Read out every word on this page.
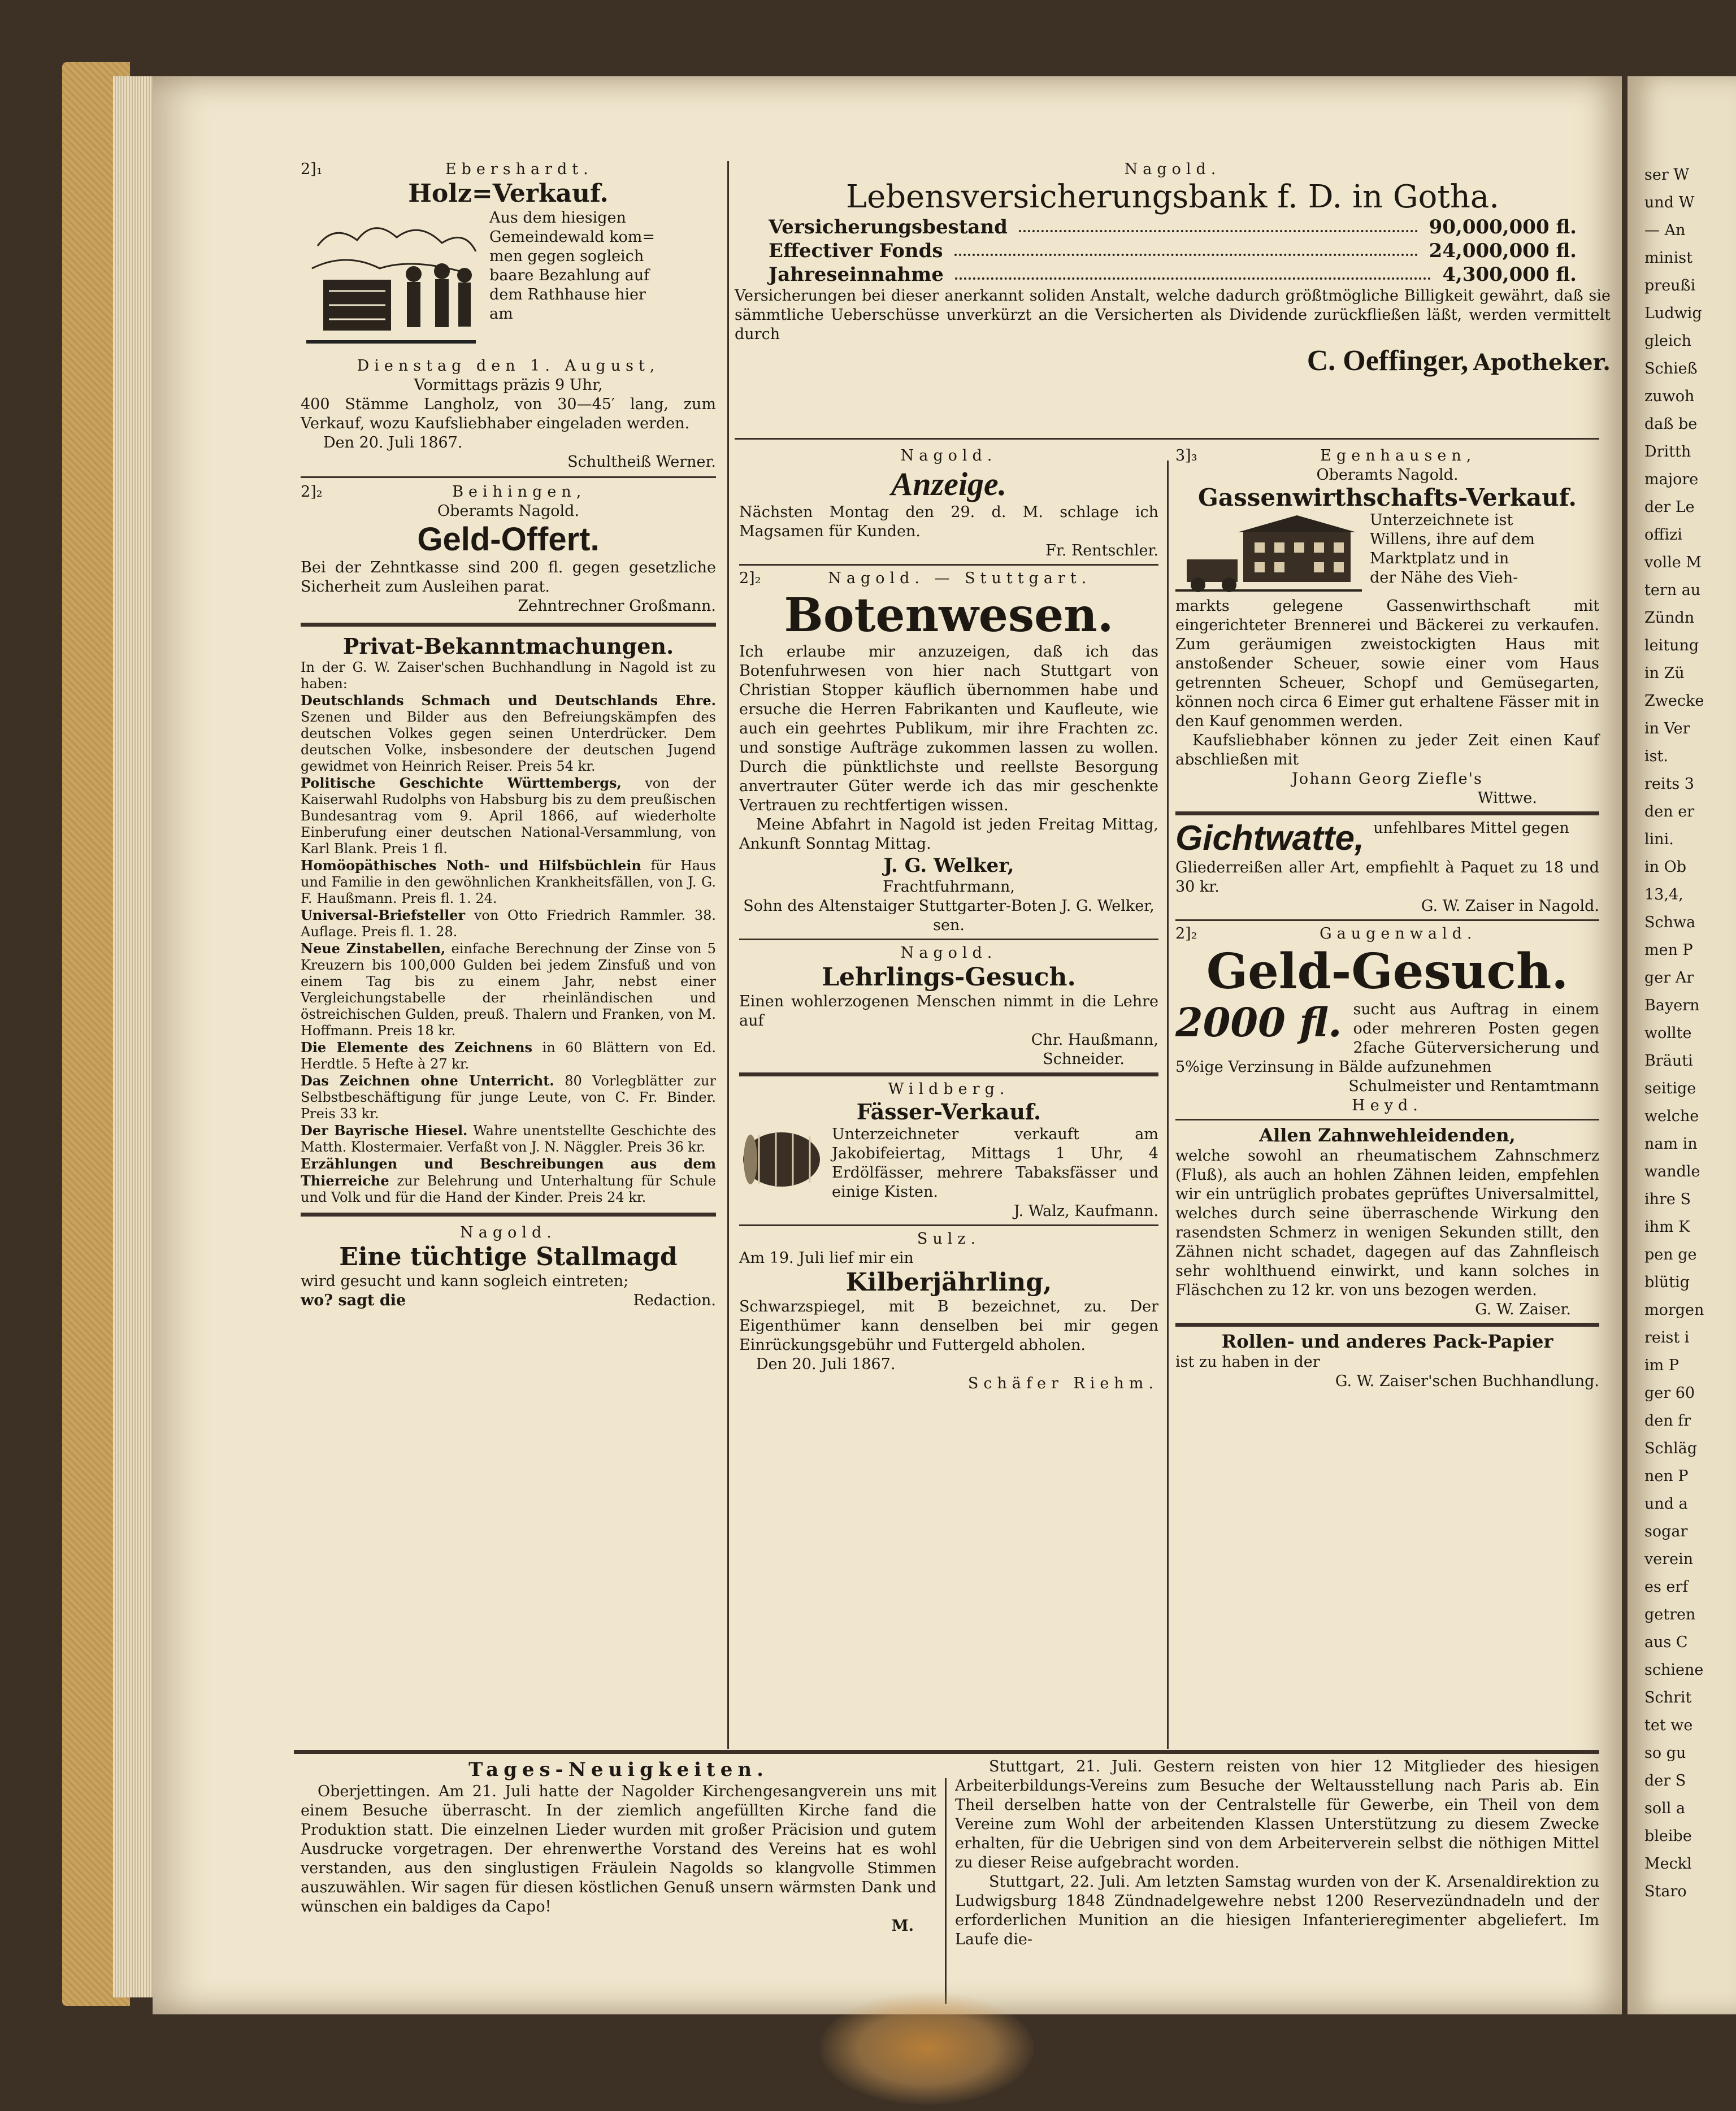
2]₁	Ebershardt.
Holz=Verkauf.

Aus dem hiesigen

Gemeindewald kom=

men gegen sogleich

baare Bezahlung auf

dem Rathhause hier

am

Dienstag den 1. August,

Vormittags präzis 9 Uhr,

400 Stämme Langholz, von 30—45′ lang, zum Verkauf, wozu Kaufsliebhaber eingeladen werden.

Den 20. Juli 1867.

Schultheiß Werner.

2]₂	Beihingen,

Oberamts Nagold.

Geld-Offert.

Bei der Zehntkasse sind 200 fl. gegen gesetzliche Sicherheit zum Ausleihen parat.

Zehntrechner Großmann.

Privat-Bekanntmachungen.

In der G. W. Zaiser'schen Buchhandlung in Nagold ist zu haben:

Deutschlands Schmach und Deutschlands Ehre. Szenen und Bilder aus den Befreiungskämpfen des deutschen Volkes gegen seinen Unterdrücker. Dem deutschen Volke, insbesondere der deutschen Jugend gewidmet von Heinrich Reiser. Preis 54 kr.

Politische Geschichte Württembergs, von der Kaiserwahl Rudolphs von Habsburg bis zu dem preußischen Bundesantrag vom 9. April 1866, auf wiederholte Einberufung einer deutschen National-Versammlung, von Karl Blank. Preis 1 fl.

Homöopäthisches Noth- und Hilfsbüchlein für Haus und Familie in den gewöhnlichen Krankheitsfällen, von J. G. F. Haußmann. Preis fl. 1. 24.

Universal-Briefsteller von Otto Friedrich Rammler. 38. Auflage. Preis fl. 1. 28.

Neue Zinstabellen, einfache Berechnung der Zinse von 5 Kreuzern bis 100,000 Gulden bei jedem Zinsfuß und von einem Tag bis zu einem Jahr, nebst einer Vergleichungstabelle der rheinländischen und östreichischen Gulden, preuß. Thalern und Franken, von M. Hoffmann. Preis 18 kr.

Die Elemente des Zeichnens in 60 Blättern von Ed. Herdtle. 5 Hefte à 27 kr.

Das Zeichnen ohne Unterricht. 80 Vorlegblätter zur Selbstbeschäftigung für junge Leute, von C. Fr. Binder. Preis 33 kr.

Der Bayrische Hiesel. Wahre unentstellte Geschichte des Matth. Klostermaier. Verfaßt von J. N. Näggler. Preis 36 kr.

Erzählungen und Beschreibungen aus dem Thierreiche zur Belehrung und Unterhaltung für Schule und Volk und für die Hand der Kinder. Preis 24 kr.

Nagold.

Eine tüchtige Stallmagd

wird gesucht und kann sogleich eintreten;

wo? sagt die	Redaction.

Nagold.

Lebensversicherungsbank f. D. in Gotha.
Versicherungsbestand	90,000,000 fl.
Effectiver Fonds	24,000,000 fl.
Jahreseinnahme	4,300,000 fl.

Versicherungen bei dieser anerkannt soliden Anstalt, welche dadurch größtmögliche Billigkeit gewährt, daß sie sämmtliche Ueberschüsse unverkürzt an die Versicherten als Dividende zurückfließen läßt, werden vermittelt durch

C. Oeffinger, Apotheker.

Nagold.

Anzeige.

Nächsten Montag den 29. d. M. schlage ich Magsamen für Kunden.

Fr. Rentschler.

2]₂	Nagold. — Stuttgart.
Botenwesen.

Ich erlaube mir anzuzeigen, daß ich das Botenfuhrwesen von hier nach Stuttgart von Christian Stopper käuflich übernommen habe und ersuche die Herren Fabrikanten und Kaufleute, wie auch ein geehrtes Publikum, mir ihre Frachten zc. und sonstige Aufträge zukommen lassen zu wollen. Durch die pünktlichste und reellste Besorgung anvertrauter Güter werde ich das mir geschenkte Vertrauen zu rechtfertigen wissen.

Meine Abfahrt in Nagold ist jeden Freitag Mittag, Ankunft Sonntag Mittag.

J. G. Welker,

Frachtfuhrmann,

Sohn des Altenstaiger Stuttgarter-Boten J. G. Welker, sen.

Nagold.

Lehrlings-Gesuch.

Einen wohlerzogenen Menschen nimmt in die Lehre auf

Chr. Haußmann,

Schneider.

Wildberg.

Fässer-Verkauf.

Unterzeichneter verkauft am Jakobifeiertag, Mittags 1 Uhr, 4 Erdölfässer, mehrere Tabaksfässer und einige Kisten.

J. Walz, Kaufmann.

Sulz.

Am 19. Juli lief mir ein

Kilberjährling,

Schwarzspiegel, mit B bezeichnet, zu. Der Eigenthümer kann denselben bei mir gegen Einrückungsgebühr und Futtergeld abholen.

Den 20. Juli 1867.

Schäfer Riehm.

3]₃	Egenhausen,

Oberamts Nagold.

Gassenwirthschafts-Verkauf.

Unterzeichnete ist

Willens, ihre auf dem

Marktplatz und in

der Nähe des Vieh-

markts gelegene Gassenwirthschaft mit eingerichteter Brennerei und Bäckerei zu verkaufen. Zum geräumigen zweistockigten Haus mit anstoßender Scheuer, sowie einer vom Haus getrennten Scheuer, Schopf und Gemüsegarten, können noch circa 6 Eimer gut erhaltene Fässer mit in den Kauf genommen werden.

Kaufsliebhaber können zu jeder Zeit einen Kauf abschließen mit

Johann Georg Ziefle's

Wittwe.

Gichtwatte, unfehlbares Mittel gegen

Gliederreißen aller Art, empfiehlt à Paquet zu 18 und 30 kr.

G. W. Zaiser in Nagold.

2]₂	Gaugenwald.
Geld-Gesuch.
2000 fl. sucht aus Auftrag in einem oder mehreren Posten gegen 2fache Güterversicherung und 5%ige Verzinsung in Bälde aufzunehmen

Schulmeister und Rentamtmann

Heyd.

Allen Zahnwehleidenden,

welche sowohl an rheumatischem Zahnschmerz (Fluß), als auch an hohlen Zähnen leiden, empfehlen wir ein untrüglich probates geprüftes Universalmittel, welches durch seine überraschende Wirkung den rasendsten Schmerz in wenigen Sekunden stillt, den Zähnen nicht schadet, dagegen auf das Zahnfleisch sehr wohlthuend einwirkt, und kann solches in Fläschchen zu 12 kr. von uns bezogen werden.

G. W. Zaiser.

Rollen- und anderes Pack-Papier

ist zu haben in der

G. W. Zaiser'schen Buchhandlung.

Tages-Neuigkeiten.

Oberjettingen. Am 21. Juli hatte der Nagolder Kirchengesangverein uns mit einem Besuche überrascht. In der ziemlich angefüllten Kirche fand die Produktion statt. Die einzelnen Lieder wurden mit großer Präcision und gutem Ausdrucke vorgetragen. Der ehrenwerthe Vorstand des Vereins hat es wohl verstanden, aus den singlustigen Fräulein Nagolds so klangvolle Stimmen auszuwählen. Wir sagen für diesen köstlichen Genuß unsern wärmsten Dank und wünschen ein baldiges da Capo!

M.

Stuttgart, 21. Juli. Gestern reisten von hier 12 Mitglieder des hiesigen Arbeiterbildungs-Vereins zum Besuche der Weltausstellung nach Paris ab. Ein Theil derselben hatte von der Centralstelle für Gewerbe, ein Theil von dem Vereine zum Wohl der arbeitenden Klassen Unterstützung zu diesem Zwecke erhalten, für die Uebrigen sind von dem Arbeiterverein selbst die nöthigen Mittel zu dieser Reise aufgebracht worden.

Stuttgart, 22. Juli. Am letzten Samstag wurden von der K. Arsenaldirektion zu Ludwigsburg 1848 Zündnadelgewehre nebst 1200 Reservezündnadeln und der erforderlichen Munition an die hiesigen Infanterieregimenter abgeliefert. Im Laufe die-

ser W
und W
— An
minist
preußi
Ludwig
gleich
Schieß
zuwoh
daß be
Dritth
majore
der Le
offizi
volle M
tern au
Zündn
leitung
in Zü
Zwecke
in Ver
ist.
reits 3
den er
lini.
in Ob
13,4,
Schwa
men P
ger Ar
Bayern
wollte
Bräuti
seitige
welche
nam in
wandle
ihre S
ihm K
pen ge
blütig
morgen
reist i
im P
ger 60
den fr
Schläg
nen P
und a
sogar
verein
es erf
getren
aus C
schiene
Schrit
tet we
so gu
der S
soll a
bleibe
Meckl
Staro
